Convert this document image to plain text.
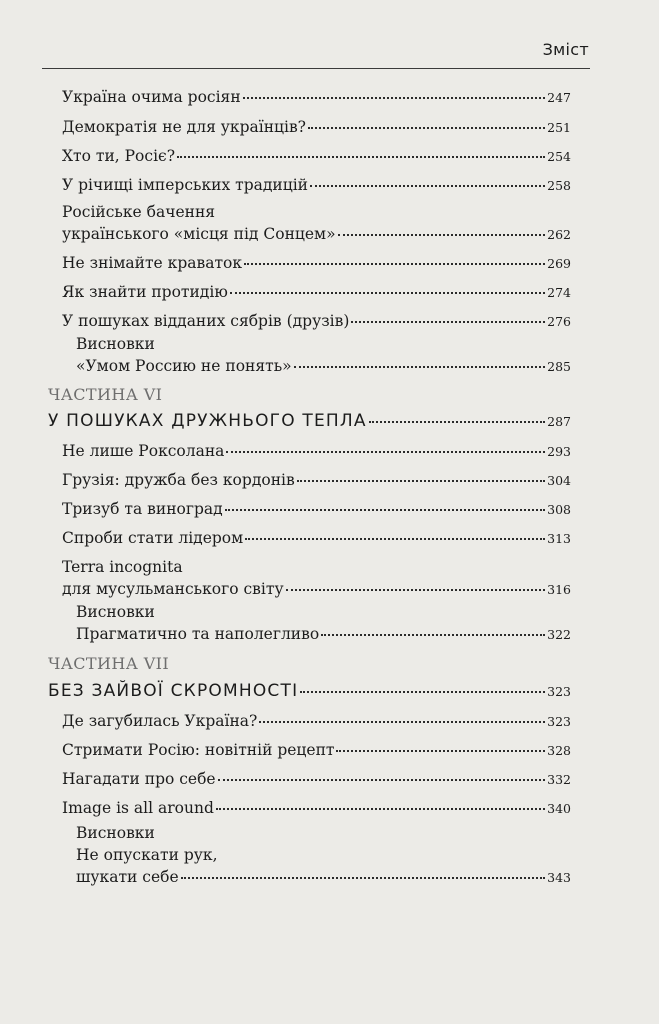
Зміст
Україна очима росіян	247
Демократія не для українців?	251
Хто ти, Росіє?	254
У річищі імперських традицій	258
Російське бачення
українського «місця під Сонцем»	262
Не знімайте краваток	269
Як знайти протидію	274
У пошуках відданих сябрів (друзів)	276
Висновки
«Умом Россию не понять»	285
ЧАСТИНА VI
У ПОШУКАХ ДРУЖНЬОГО ТЕПЛА	287
Не лише Роксолана	293
Грузія: дружба без кордонів	304
Тризуб та виноград	308
Спроби стати лідером	313
Terra incognita
для мусульманського світу	316
Висновки
Прагматично та наполегливо	322
ЧАСТИНА VII
БЕЗ ЗАЙВОЇ СКРОМНОСТІ	323
Де загубилась Україна?	323
Стримати Росію: новітній рецепт	328
Нагадати про себе	332
Image is all around	340
Висновки
Не опускати рук,
шукати себе	343
